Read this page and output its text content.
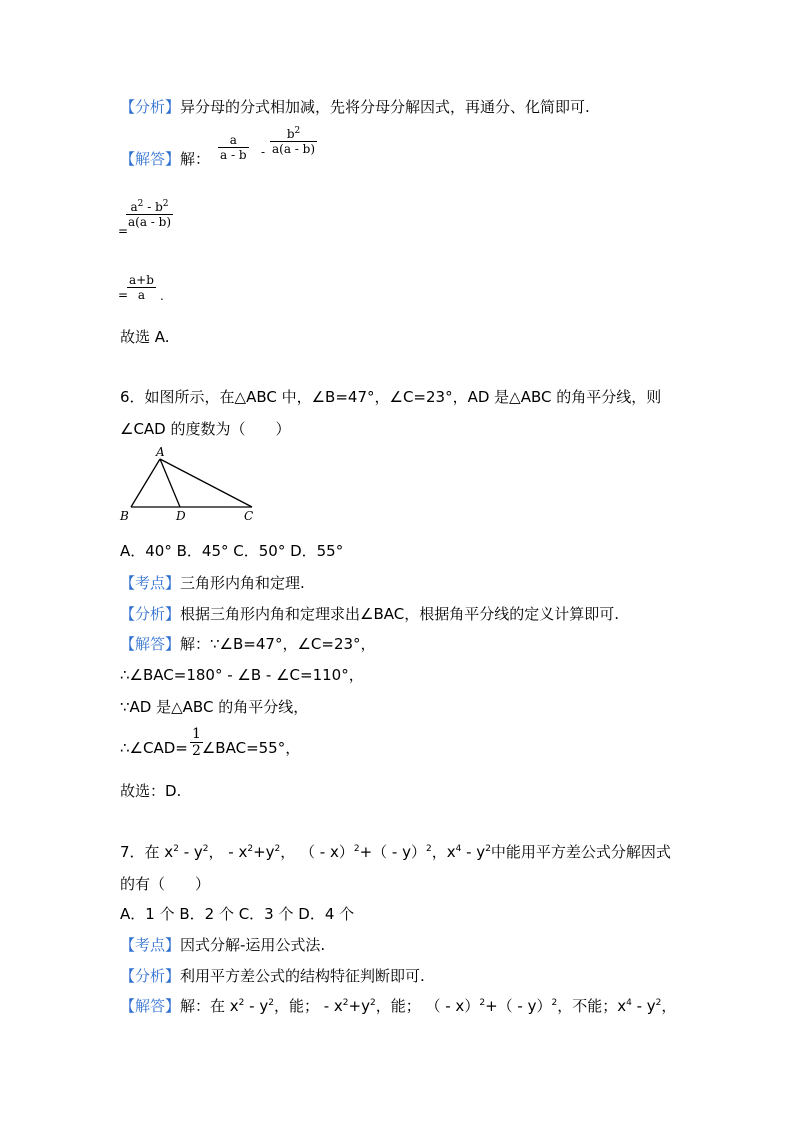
【分析】异分母的分式相加减，先将分母分解因式，再通分、化简即可.
【解答】解：
a
a - b -
$b^2$
a(a - b)
=
$a^2 - b^2$
a(a - b)
=
a+b
a	.
故选 A.
6．如图所示，在△ABC 中，∠B=47°，∠C=23°，AD 是△ABC 的角平分线，则
∠CAD 的度数为（　　）
A
B	D	C
A．40° B．45° C．50° D．55°
【考点】三角形内角和定理.
【分析】根据三角形内角和定理求出∠BAC，根据角平分线的定义计算即可.
【解答】解：∵∠B=47°，∠C=23°，
∴∠BAC=180° - ∠B - ∠C=110°，
∵AD 是△ABC 的角平分线，
∴∠CAD= ∠BAC=55°，
1
2
故选：D.
7．在 $x^2 - y^2$， - $x^2+y^2$， （ - x）$^2$+（ - y）$^2$，$x^4 - y^2$中能用平方差公式分解因式
的有（　　）
A．1 个 B．2 个 C．3 个 D．4 个
【考点】因式分解-运用公式法.
【分析】利用平方差公式的结构特征判断即可.
【解答】解：在 $x^2 - y^2$，能； - $x^2+y^2$，能； （ - x）$^2$+（ - y）$^2$，不能；$x^4 - y^2$，
